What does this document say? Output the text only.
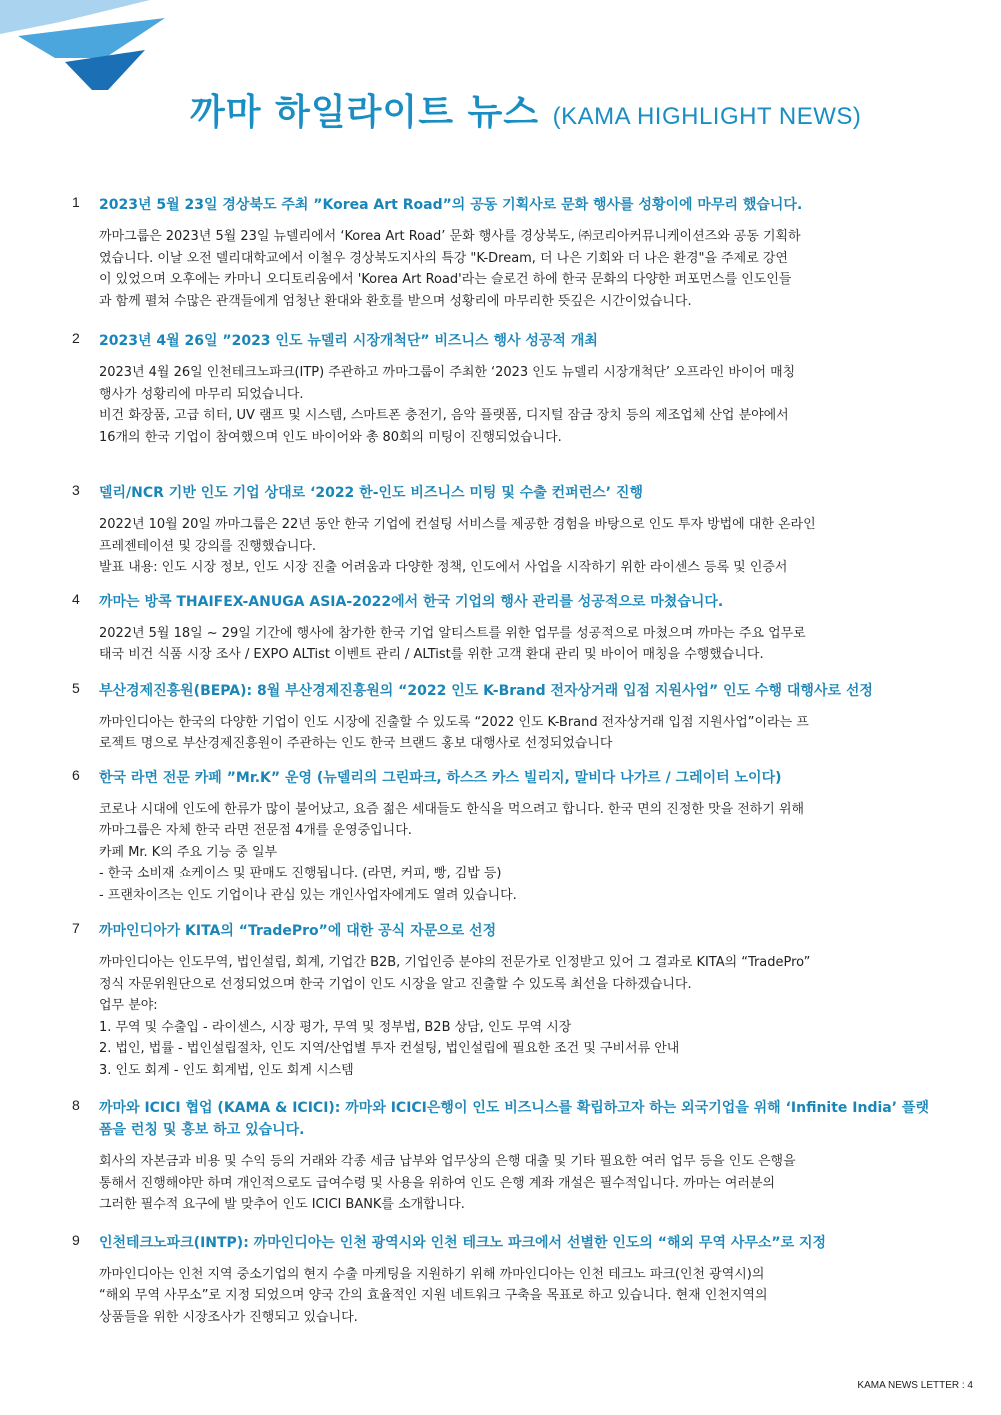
까마 하일라이트 뉴스 (KAMA HIGHLIGHT NEWS)
1 2023년 5월 23일 경상북도 주최 ”Korea Art Road”의 공동 기획사로 문화 행사를 성황이에 마무리 했습니다.
까마그룹은 2023년 5월 23일 뉴델리에서 ‘Korea Art Road’ 문화 행사를 경상북도, ㈜코리아커뮤니케이션즈와 공동 기획하
였습니다. 이날 오전 델리대학교에서 이철우 경상북도지사의 특강 "K-Dream, 더 나은 기회와 더 나은 환경"을 주제로 강연
이 있었으며 오후에는 카마니 오디토리움에서 'Korea Art Road'라는 슬로건 하에 한국 문화의 다양한 퍼포먼스를 인도인들
과 함께 펼쳐 수많은 관객들에게 엄청난 환대와 환호를 받으며 성황리에 마무리한 뜻깊은 시간이었습니다.
2 2023년 4월 26일 ”2023 인도 뉴델리 시장개척단” 비즈니스 행사 성공적 개최
2023년 4월 26일 인천테크노파크(ITP) 주관하고 까마그룹이 주최한 ‘2023 인도 뉴델리 시장개척단’ 오프라인 바이어 매칭
행사가 성황리에 마무리 되었습니다.
비건 화장품, 고급 히터, UV 램프 및 시스템, 스마트폰 충전기, 음악 플랫폼, 디지털 잠금 장치 등의 제조업체 산업 분야에서
16개의 한국 기업이 참여했으며 인도 바이어와 총 80회의 미팅이 진행되었습니다.
3 델리/NCR 기반 인도 기업 상대로 ‘2022 한-인도 비즈니스 미팅 및 수출 컨퍼런스’ 진행
2022년 10월 20일 까마그룹은 22년 동안 한국 기업에 컨설팅 서비스를 제공한 경험을 바탕으로 인도 투자 방법에 대한 온라인
프레젠테이션 및 강의를 진행했습니다.
발표 내용: 인도 시장 정보, 인도 시장 진출 어려움과 다양한 정책, 인도에서 사업을 시작하기 위한 라이센스 등록 및 인증서
4 까마는 방콕 THAIFEX-ANUGA ASIA-2022에서 한국 기업의 행사 관리를 성공적으로 마쳤습니다.
2022년 5월 18일 ~ 29일 기간에 행사에 참가한 한국 기업 알티스트를 위한 업무를 성공적으로 마쳤으며 까마는 주요 업무로
태국 비건 식품 시장 조사 / EXPO ALTist 이벤트 관리 / ALTist를 위한 고객 환대 관리 및 바이어 매칭을 수행했습니다.
5 부산경제진흥원(BEPA): 8월 부산경제진흥원의 “2022 인도 K-Brand 전자상거래 입점 지원사업” 인도 수행 대행사로 선정
까마인디아는 한국의 다양한 기업이 인도 시장에 진출할 수 있도록 “2022 인도 K-Brand 전자상거래 입점 지원사업”이라는 프
로젝트 명으로 부산경제진흥원이 주관하는 인도 한국 브랜드 홍보 대행사로 선정되었습니다
6 한국 라면 전문 카페 ”Mr.K” 운영 (뉴델리의 그린파크, 하스즈 카스 빌리지, 말비다 나가르 / 그레이터 노이다)
코로나 시대에 인도에 한류가 많이 불어났고, 요즘 젊은 세대들도 한식을 먹으려고 합니다. 한국 면의 진정한 맛을 전하기 위해
까마그룹은 자체 한국 라면 전문점 4개를 운영중입니다.
카페 Mr. K의 주요 기능 중 일부
- 한국 소비재 쇼케이스 및 판매도 진행됩니다. (라면, 커피, 빵, 김밥 등)
- 프랜차이즈는 인도 기업이나 관심 있는 개인사업자에게도 열려 있습니다.
7 까마인디아가 KITA의 “TradePro”에 대한 공식 자문으로 선정
까마인디아는 인도무역, 법인설립, 회계, 기업간 B2B, 기업인증 분야의 전문가로 인정받고 있어 그 결과로 KITA의 “TradePro”
정식 자문위원단으로 선정되었으며 한국 기업이 인도 시장을 알고 진출할 수 있도록 최선을 다하겠습니다.
업무 분야:
1. 무역 및 수출입 - 라이센스, 시장 평가, 무역 및 정부법, B2B 상담, 인도 무역 시장
2. 법인, 법률 - 법인설립절차, 인도 지역/산업별 투자 컨설팅, 법인설립에 필요한 조건 및 구비서류 안내
3. 인도 회계 - 인도 회계법, 인도 회계 시스템
8 까마와 ICICI 협업 (KAMA & ICICI): 까마와 ICICI은행이 인도 비즈니스를 확립하고자 하는 외국기업을 위해 ‘Infinite India’ 플랫폼을 런칭 및 홍보 하고 있습니다.
회사의 자본금과 비용 및 수익 등의 거래와 각종 세금 납부와 업무상의 은행 대출 및 기타 필요한 여러 업무 등을 인도 은행을
통해서 진행해야만 하며 개인적으로도 급여수령 및 사용을 위하여 인도 은행 계좌 개설은 필수적입니다. 까마는 여러분의
그러한 필수적 요구에 발 맞추어 인도 ICICI BANK를 소개합니다.
9 인천테크노파크(INTP): 까마인디아는 인천 광역시와 인천 테크노 파크에서 선별한 인도의 “해외 무역 사무소”로 지정
까마인디아는 인천 지역 중소기업의 현지 수출 마케팅을 지원하기 위해 까마인디아는 인천 테크노 파크(인천 광역시)의
“해외 무역 사무소”로 지정 되었으며 양국 간의 효율적인 지원 네트워크 구축을 목표로 하고 있습니다. 현재 인천지역의
상품들을 위한 시장조사가 진행되고 있습니다.
KAMA NEWS LETTER : 4
